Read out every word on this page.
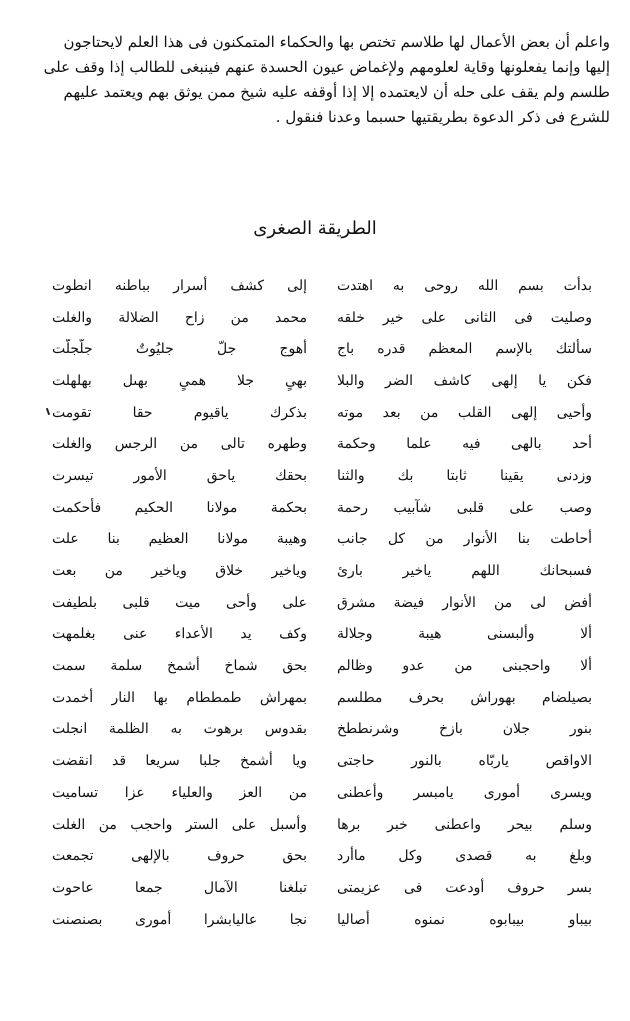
واعلم أن بعض الأعمال لها طلاسم تختص بها والحكماء المتمكنون فى هذا العلم لايحتاجون
إليها وإنما يفعلونها وقاية لعلومهم ولإغماض عيون الحسدة عنهم فينبغى للطالب إذا وقف على
طلسم ولم يقف على حله أن لايعتمده إلا إذا أوقفه عليه شيخ ممن يوثق بهم ويعتمد عليهم
للشرع فى ذكر الدعوة بطريقتيها حسبما وعدنا فنقول .
الطريقة الصغرى
بدأت بسم الله روحى به اهتدت
إلى كشف أسرار بباطنه انطوت
وصليت فى الثانى على خير خلقه
محمد من زاح الضلالة والغلت
سألتك بالإسم المعظم قدره باج
أهوج جلّ جليُوتٌ جلّجلّت
فكن يا إلهى كاشف الضر والبلا
بهىٍ جلا همىٍ بهىل بهلهلت
وأحيى إلهى القلب من بعد موته
بذكرك ياقيوم حقا تقومت
أحد بالهى فيه علما وحكمة
وطهره تالى من الرجس والغلت
وزدنى يقينا ثابتا بك والثنا
بحقك ياحق الأمور تيسرت
وصب على قلبى شآبيب رحمة
بحكمة مولانا الحكيم فأحكمت
أحاطت بنا الأنوار من كل جانب
وهيبة مولانا العظيم بنا علت
فسبحانك اللهم ياخير بارئ
وياخير خلاق وياخير من بعت
أفض لى من الأنوار فيضة مشرق
على وأحى ميت قلبى بلطيفت
ألا وألبسنى هيبة وجلالة
وكف يد الأعداء عنى بغلمهت
ألا واحجبنى من عدو وظالم
بحق شماخ أشمخ سلمة سمت
بصيلضام بهوراش بحرف مطلسم
بمهراش طمططام بها النار أخمدت
بنور جلان بازخ وشرنططخ
بقدوس برهوت به الظلمة انجلت
الاواقص ياربّاه بالنور حاجتى
ويا أشمخ جلبا سريعا قد انقضت
ويسرى أمورى يامبسر وأعطنى
من العز والعلياء عزا تساميت
وسلم بيحر واعطنى خبر برها
وأسبل على الستر واحجب من الغلت
وبلغ به قصدى وكل ماأرد
بحق حروف بالإلهى تجمعت
بسر حروف أودعت فى عزيمتى
تبلغنا الآمال جمعا عاحوت
بيباو بيبابوه نمنوه أصاليا
نجا عاليابشرا أمورى بصنصنت
